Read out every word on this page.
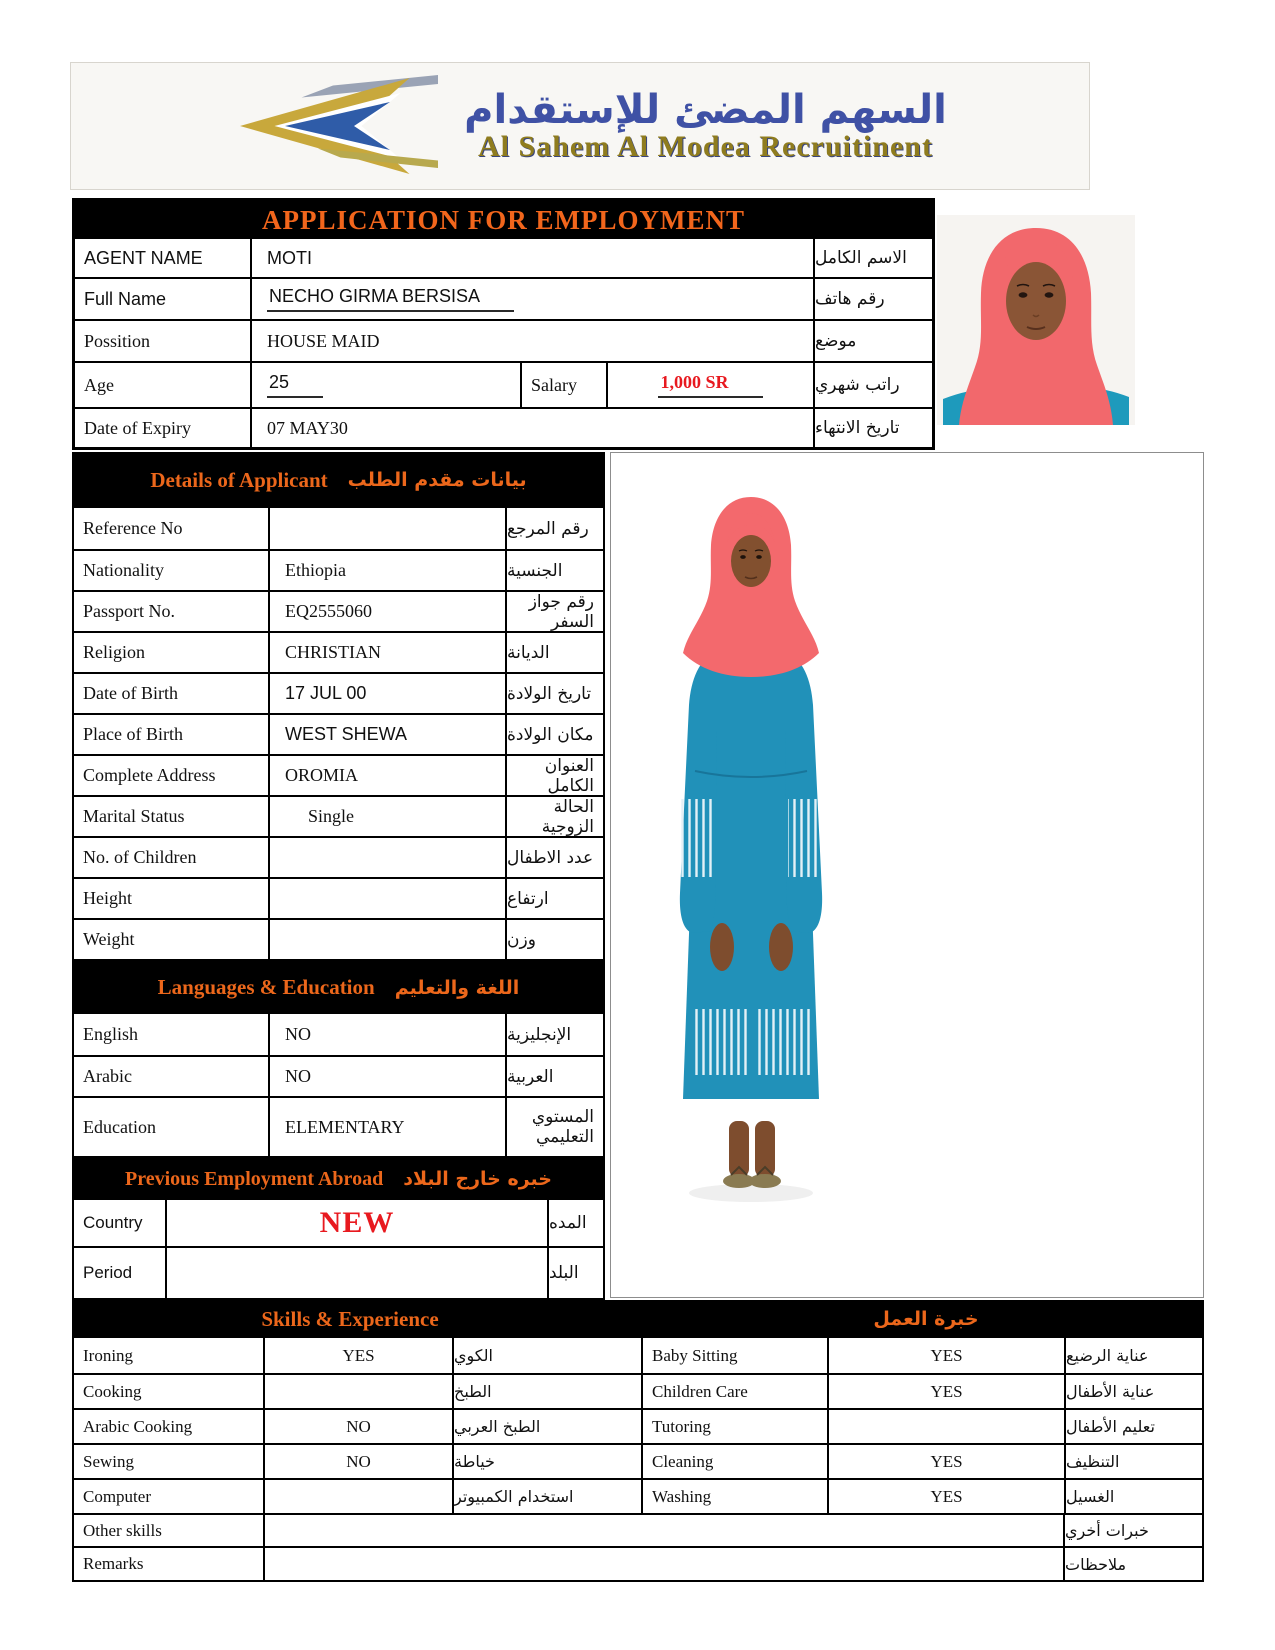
السهم المضئ للإستقدام
Al Sahem Al Modea Recruitinent
APPLICATION FOR EMPLOYMENT
AGENT NAME	MOTI	الاسم الكامل
Full Name	NECHO GIRMA BERSISA	رقم هاتف
Possition	HOUSE MAID	موضع
Age	25	Salary	1,000 SR	راتب شهري
Date of Expiry	07 MAY30	تاريخ الانتهاء
Details of Applicant بيانات مقدم الطلب
Reference No	رقم المرجع
Nationality	Ethiopia	الجنسية
Passport No.	EQ2555060	رقم جواز السفر
Religion	CHRISTIAN	الديانة
Date of Birth	17 JUL 00	تاريخ الولادة
Place of Birth	WEST SHEWA	مكان الولادة
Complete Address	OROMIA	العنوان الكامل
Marital Status	Single	الحالة الزوجية
No. of Children	عدد الاطفال
Height	ارتفاع
Weight	وزن
Languages & Education اللغة والتعليم
English	NO	الإنجليزية
Arabic	NO	العربية
Education	ELEMENTARY	المستوي التعليمي
Previous Employment Abroad خبره خارج البلاد
Country	NEW	المده
Period	البلد
Skills & Experience	خبرة العمل
Ironing	YES	الكوي	Baby Sitting	YES	عناية الرضيع
Cooking	الطبخ	Children Care	YES	عناية الأطفال
Arabic Cooking	NO	الطبخ العربي	Tutoring	تعليم الأطفال
Sewing	NO	خياطة	Cleaning	YES	التنظيف
Computer	استخدام الكمبيوتر	Washing	YES	الغسيل
Other skills	خبرات أخري
Remarks	ملاحظات
